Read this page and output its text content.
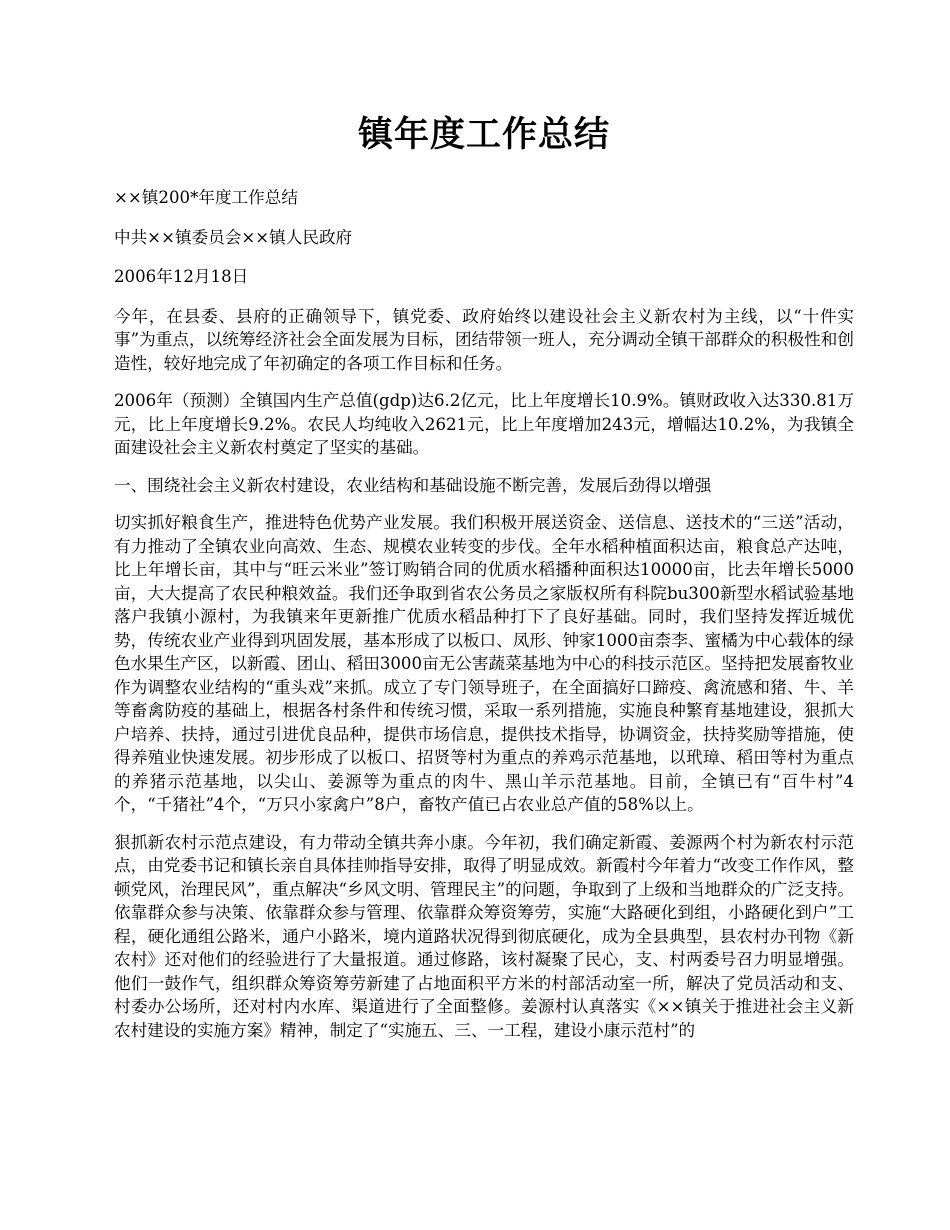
镇年度工作总结

××镇200*年度工作总结

中共××镇委员会××镇人民政府

2006年12月18日

今年，在县委、县府的正确领导下，镇党委、政府始终以建设社会主义新农村为主线，以“十件实事”为重点，以统筹经济社会全面发展为目标，团结带领一班人，充分调动全镇干部群众的积极性和创造性，较好地完成了年初确定的各项工作目标和任务。

2006年（预测）全镇国内生产总值(gdp)达6.2亿元，比上年度增长10.9%。镇财政收入达330.81万元，比上年度增长9.2%。农民人均纯收入2621元，比上年度增加243元，增幅达10.2%，为我镇全面建设社会主义新农村奠定了坚实的基础。

一、围绕社会主义新农村建设，农业结构和基础设施不断完善，发展后劲得以增强

切实抓好粮食生产，推进特色优势产业发展。我们积极开展送资金、送信息、送技术的“三送”活动，有力推动了全镇农业向高效、生态、规模农业转变的步伐。全年水稻种植面积达亩，粮食总产达吨，比上年增长亩，其中与“旺云米业”签订购销合同的优质水稻播种面积达10000亩，比去年增长5000亩，大大提高了农民种粮效益。我们还争取到省农公务员之家版权所有科院bu300新型水稻试验基地落户我镇小源村，为我镇来年更新推广优质水稻品种打下了良好基础。同时，我们坚持发挥近城优势，传统农业产业得到巩固发展，基本形成了以板口、凤形、钟家1000亩柰李、蜜橘为中心载体的绿色水果生产区，以新霞、团山、稻田3000亩无公害蔬菜基地为中心的科技示范区。坚持把发展畜牧业作为调整农业结构的“重头戏”来抓。成立了专门领导班子，在全面搞好口蹄疫、禽流感和猪、牛、羊等畜禽防疫的基础上，根据各村条件和传统习惯，采取一系列措施，实施良种繁育基地建设，狠抓大户培养、扶持，通过引进优良品种，提供市场信息，提供技术指导，协调资金，扶持奖励等措施，使得养殖业快速发展。初步形成了以板口、招贤等村为重点的养鸡示范基地，以玳璋、稻田等村为重点的养猪示范基地，以尖山、姜源等为重点的肉牛、黑山羊示范基地。目前，全镇已有“百牛村”4个，“千猪社”4个，“万只小家禽户”8户，畜牧产值已占农业总产值的58%以上。

狠抓新农村示范点建设，有力带动全镇共奔小康。今年初，我们确定新霞、姜源两个村为新农村示范点，由党委书记和镇长亲自具体挂帅指导安排，取得了明显成效。新霞村今年着力“改变工作作风，整顿党风，治理民风”，重点解决“乡风文明、管理民主”的问题，争取到了上级和当地群众的广泛支持。依靠群众参与决策、依靠群众参与管理、依靠群众筹资筹劳，实施“大路硬化到组，小路硬化到户”工程，硬化通组公路米，通户小路米，境内道路状况得到彻底硬化，成为全县典型，县农村办刊物《新农村》还对他们的经验进行了大量报道。通过修路，该村凝聚了民心，支、村两委号召力明显增强。他们一鼓作气，组织群众筹资筹劳新建了占地面积平方米的村部活动室一所，解决了党员活动和支、村委办公场所，还对村内水库、渠道进行了全面整修。姜源村认真落实《××镇关于推进社会主义新农村建设的实施方案》精神，制定了“实施五、三、一工程，建设小康示范村”的
